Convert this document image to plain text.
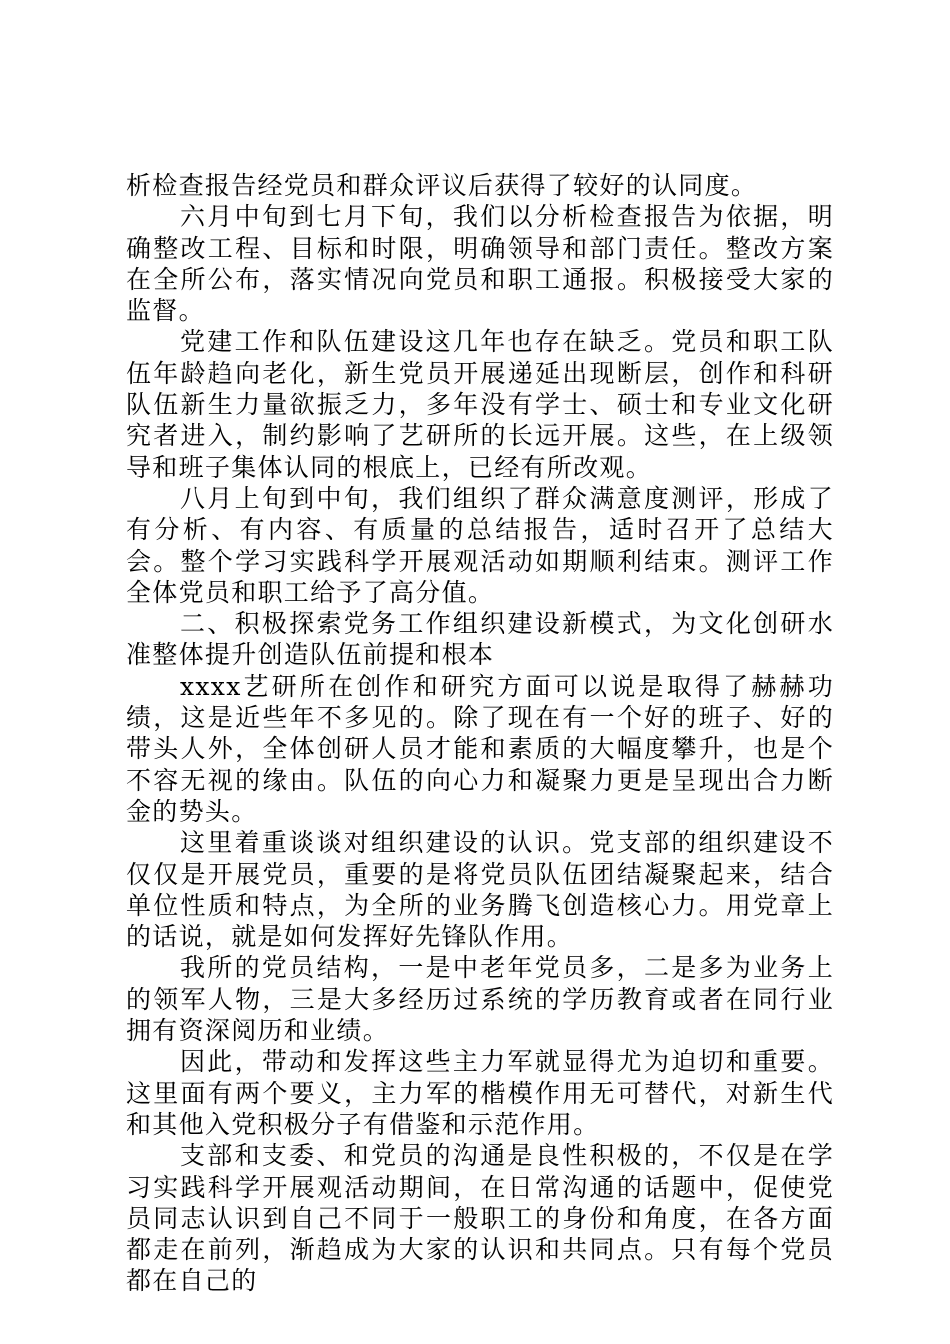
析检查报告经党员和群众评议后获得了较好的认同度。

六月中旬到七月下旬，我们以分析检查报告为依据，明确整改工程、目标和时限，明确领导和部门责任。整改方案在全所公布，落实情况向党员和职工通报。积极接受大家的监督。

党建工作和队伍建设这几年也存在缺乏。党员和职工队伍年龄趋向老化，新生党员开展递延出现断层，创作和科研队伍新生力量欲振乏力，多年没有学士、硕士和专业文化研究者进入，制约影响了艺研所的长远开展。这些，在上级领导和班子集体认同的根底上，已经有所改观。

八月上旬到中旬，我们组织了群众满意度测评，形成了有分析、有内容、有质量的总结报告，适时召开了总结大会。整个学习实践科学开展观活动如期顺利结束。测评工作全体党员和职工给予了高分值。

二、积极探索党务工作组织建设新模式，为文化创研水准整体提升创造队伍前提和根本

xxxx艺研所在创作和研究方面可以说是取得了赫赫功绩，这是近些年不多见的。除了现在有一个好的班子、好的带头人外，全体创研人员才能和素质的大幅度攀升，也是个不容无视的缘由。队伍的向心力和凝聚力更是呈现出合力断金的势头。

这里着重谈谈对组织建设的认识。党支部的组织建设不仅仅是开展党员，重要的是将党员队伍团结凝聚起来，结合单位性质和特点，为全所的业务腾飞创造核心力。用党章上的话说，就是如何发挥好先锋队作用。

我所的党员结构，一是中老年党员多，二是多为业务上的领军人物，三是大多经历过系统的学历教育或者在同行业拥有资深阅历和业绩。

因此，带动和发挥这些主力军就显得尤为迫切和重要。这里面有两个要义，主力军的楷模作用无可替代，对新生代和其他入党积极分子有借鉴和示范作用。

支部和支委、和党员的沟通是良性积极的，不仅是在学习实践科学开展观活动期间，在日常沟通的话题中，促使党员同志认识到自己不同于一般职工的身份和角度，在各方面都走在前列，渐趋成为大家的认识和共同点。只有每个党员都在自己的
